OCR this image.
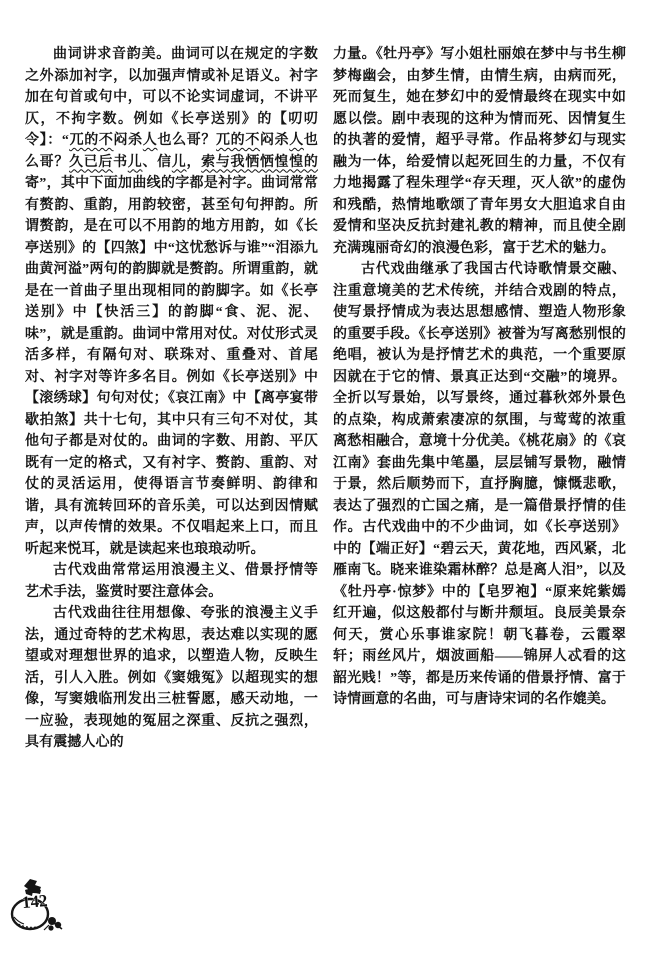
曲词讲求音韵美。曲词可以在规定的字数之外添加衬字，以加强声情或补足语义。衬字加在句首或句中，可以不论实词虚词，不讲平仄，不拘字数。例如《长亭送别》的【叨叨令】：“兀的不闷杀人也么哥？兀的不闷杀人也么哥？久已后书儿、信儿，索与我恓恓惶惶的寄”，其中下面加曲线的字都是衬字。曲词常常有赘韵、重韵，用韵较密，甚至句句押韵。所谓赘韵，是在可以不用韵的地方用韵，如《长亭送别》的【四煞】中“这忧愁诉与谁”“泪添九曲黄河溢”两句的韵脚就是赘韵。所谓重韵，就是在一首曲子里出现相同的韵脚字。如《长亭送别》中【快活三】的韵脚“食、泥、泥、味”，就是重韵。曲词中常用对仗。对仗形式灵活多样，有隔句对、联珠对、重叠对、首尾对、衬字对等许多名目。例如《长亭送别》中【滚绣球】句句对仗；《哀江南》中【离亭宴带歇拍煞】共十七句，其中只有三句不对仗，其他句子都是对仗的。曲词的字数、用韵、平仄既有一定的格式，又有衬字、赘韵、重韵、对仗的灵活运用，使得语言节奏鲜明、韵律和谐，具有流转回环的音乐美，可以达到因情赋声，以声传情的效果。不仅唱起来上口，而且听起来悦耳，就是读起来也琅琅动听。

古代戏曲常常运用浪漫主义、借景抒情等艺术手法，鉴赏时要注意体会。

古代戏曲往往用想像、夸张的浪漫主义手法，通过奇特的艺术构思，表达难以实现的愿望或对理想世界的追求，以塑造人物，反映生活，引人入胜。例如《窦娥冤》以超现实的想像，写窦娥临刑发出三桩誓愿，感天动地，一一应验，表现她的冤屈之深重、反抗之强烈，具有震撼人心的

力量。《牡丹亭》写小姐杜丽娘在梦中与书生柳梦梅幽会，由梦生情，由情生病，由病而死，死而复生，她在梦幻中的爱情最终在现实中如愿以偿。剧中表现的这种为情而死、因情复生的执著的爱情，超乎寻常。作品将梦幻与现实融为一体，给爱情以起死回生的力量，不仅有力地揭露了程朱理学“存天理，灭人欲”的虚伪和残酷，热情地歌颂了青年男女大胆追求自由爱情和坚决反抗封建礼教的精神，而且使全剧充满瑰丽奇幻的浪漫色彩，富于艺术的魅力。

古代戏曲继承了我国古代诗歌情景交融、注重意境美的艺术传统，并结合戏剧的特点，使写景抒情成为表达思想感情、塑造人物形象的重要手段。《长亭送别》被誉为写离愁别恨的绝唱，被认为是抒情艺术的典范，一个重要原因就在于它的情、景真正达到“交融”的境界。全折以写景始，以写景终，通过暮秋郊外景色的点染，构成萧索凄凉的氛围，与莺莺的浓重离愁相融合，意境十分优美。《桃花扇》的《哀江南》套曲先集中笔墨，层层铺写景物，融情于景，然后顺势而下，直抒胸臆，慷慨悲歌，表达了强烈的亡国之痛，是一篇借景抒情的佳作。古代戏曲中的不少曲词，如《长亭送别》中的【端正好】“碧云天，黄花地，西风紧，北雁南飞。晓来谁染霜林醉？总是离人泪”，以及《牡丹亭·惊梦》中的【皂罗袍】“原来姹紫嫣红开遍，似这般都付与断井颓垣。良辰美景奈何天，赏心乐事谁家院！朝飞暮卷，云霞翠轩；雨丝风片，烟波画船——锦屏人忒看的这韶光贱！”等，都是历来传诵的借景抒情、富于诗情画意的名曲，可与唐诗宋词的名作媲美。

142
